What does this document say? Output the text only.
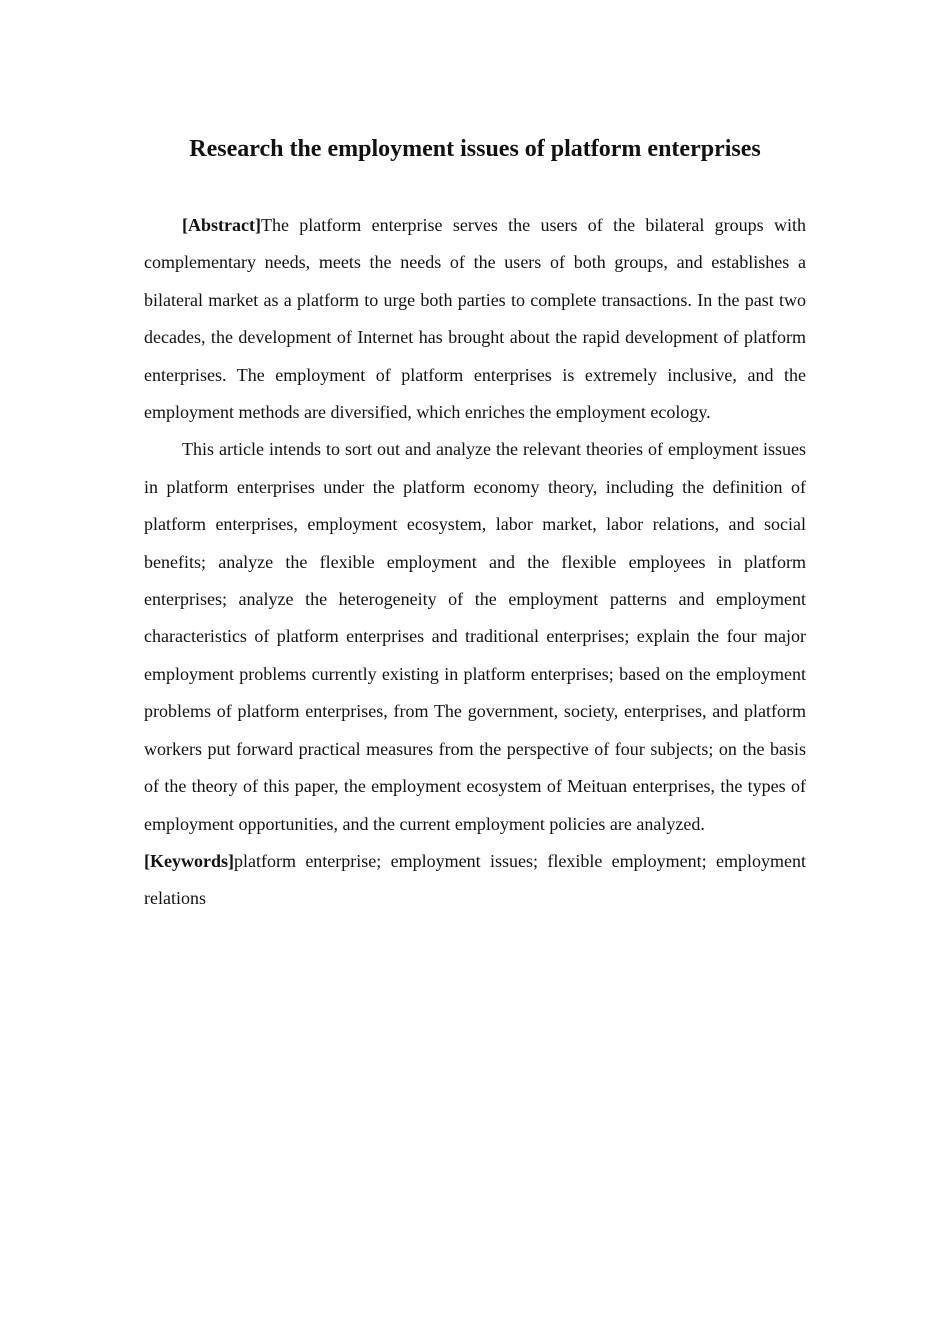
Research the employment issues of platform enterprises

[Abstract]The platform enterprise serves the users of the bilateral groups with complementary needs, meets the needs of the users of both groups, and establishes a bilateral market as a platform to urge both parties to complete transactions. In the past two decades, the development of Internet has brought about the rapid development of platform enterprises. The employment of platform enterprises is extremely inclusive, and the employment methods are diversified, which enriches the employment ecology.

This article intends to sort out and analyze the relevant theories of employment issues in platform enterprises under the platform economy theory, including the definition of platform enterprises, employment ecosystem, labor market, labor relations, and social benefits; analyze the flexible employment and the flexible employees in platform enterprises; analyze the heterogeneity of the employment patterns and employment characteristics of platform enterprises and traditional enterprises; explain the four major employment problems currently existing in platform enterprises; based on the employment problems of platform enterprises, from The government, society, enterprises, and platform workers put forward practical measures from the perspective of four subjects; on the basis of the theory of this paper, the employment ecosystem of Meituan enterprises, the types of employment opportunities, and the current employment policies are analyzed.

[Keywords]platform enterprise; employment issues; flexible employment; employment relations
